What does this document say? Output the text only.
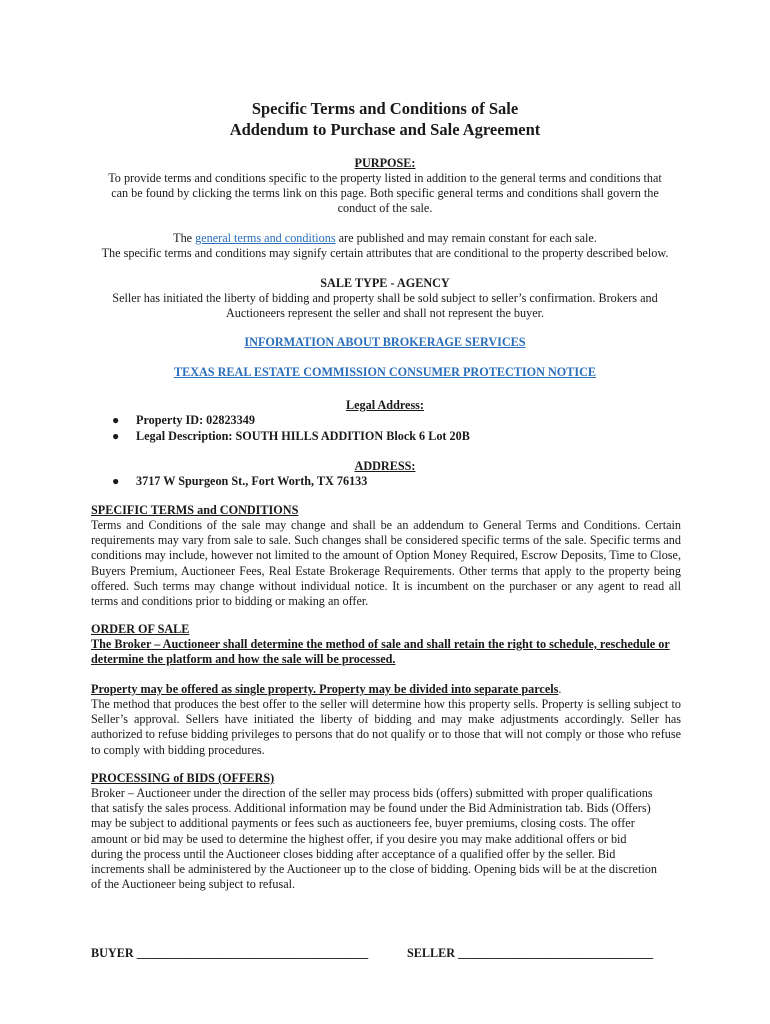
Specific Terms and Conditions of Sale
Addendum to Purchase and Sale Agreement
PURPOSE:
To provide terms and conditions specific to the property listed in addition to the general terms and conditions that
can be found by clicking the terms link on this page. Both specific general terms and conditions shall govern the
conduct of the sale.
The general terms and conditions are published and may remain constant for each sale.
The specific terms and conditions may signify certain attributes that are conditional to the property described below.
SALE TYPE - AGENCY
Seller has initiated the liberty of bidding and property shall be sold subject to seller’s confirmation. Brokers and
Auctioneers represent the seller and shall not represent the buyer.
INFORMATION ABOUT BROKERAGE SERVICES
TEXAS REAL ESTATE COMMISSION CONSUMER PROTECTION NOTICE
Legal Address:
● Property ID: 02823349
● Legal Description: SOUTH HILLS ADDITION Block 6 Lot 20B
ADDRESS:
● 3717 W Spurgeon St., Fort Worth, TX 76133
SPECIFIC TERMS and CONDITIONS
Terms and Conditions of the sale may change and shall be an addendum to General Terms and Conditions. Certain requirements may vary from sale to sale. Such changes shall be considered specific terms of the sale. Specific terms and conditions may include, however not limited to the amount of Option Money Required, Escrow Deposits, Time to Close, Buyers Premium, Auctioneer Fees, Real Estate Brokerage Requirements. Other terms that apply to the property being offered. Such terms may change without individual notice. It is incumbent on the purchaser or any agent to read all terms and conditions prior to bidding or making an offer.
ORDER OF SALE
The Broker – Auctioneer shall determine the method of sale and shall retain the right to schedule, reschedule or determine the platform and how the sale will be processed.
Property may be offered as single property. Property may be divided into separate parcels.
The method that produces the best offer to the seller will determine how this property sells. Property is selling subject to Seller’s approval. Sellers have initiated the liberty of bidding and may make adjustments accordingly. Seller has authorized to refuse bidding privileges to persons that do not qualify or to those that will not comply or those who refuse to comply with bidding procedures.
PROCESSING of BIDS (OFFERS)
Broker – Auctioneer under the direction of the seller may process bids (offers) submitted with proper qualifications
that satisfy the sales process. Additional information may be found under the Bid Administration tab. Bids (Offers)
may be subject to additional payments or fees such as auctioneers fee, buyer premiums, closing costs. The offer
amount or bid may be used to determine the highest offer, if you desire you may make additional offers or bid
during the process until the Auctioneer closes bidding after acceptance of a qualified offer by the seller. Bid
increments shall be administered by the Auctioneer up to the close of bidding. Opening bids will be at the discretion
of the Auctioneer being subject to refusal.
BUYER ______________________________________	SELLER ________________________________
